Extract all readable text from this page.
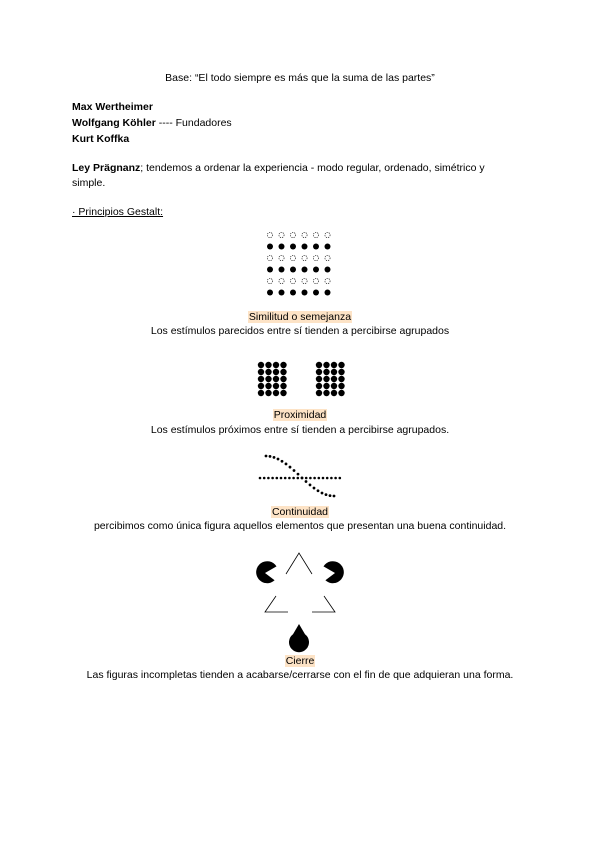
Base: “El todo siempre es más que la suma de las partes”
Max Wertheimer
Wolfgang Köhler ---- Fundadores
Kurt Koffka
Ley Prägnanz; tendemos a ordenar la experiencia - modo regular, ordenado, simétrico y
simple.
· Principios Gestalt:
Similitud o semejanza
Los estímulos parecidos entre sí tienden a percibirse agrupados
Proximidad
Los estímulos próximos entre sí tienden a percibirse agrupados.
Continuidad
percibimos como única figura aquellos elementos que presentan una buena continuidad.
Cierre
Las figuras incompletas tienden a acabarse/cerrarse con el fin de que adquieran una forma.
